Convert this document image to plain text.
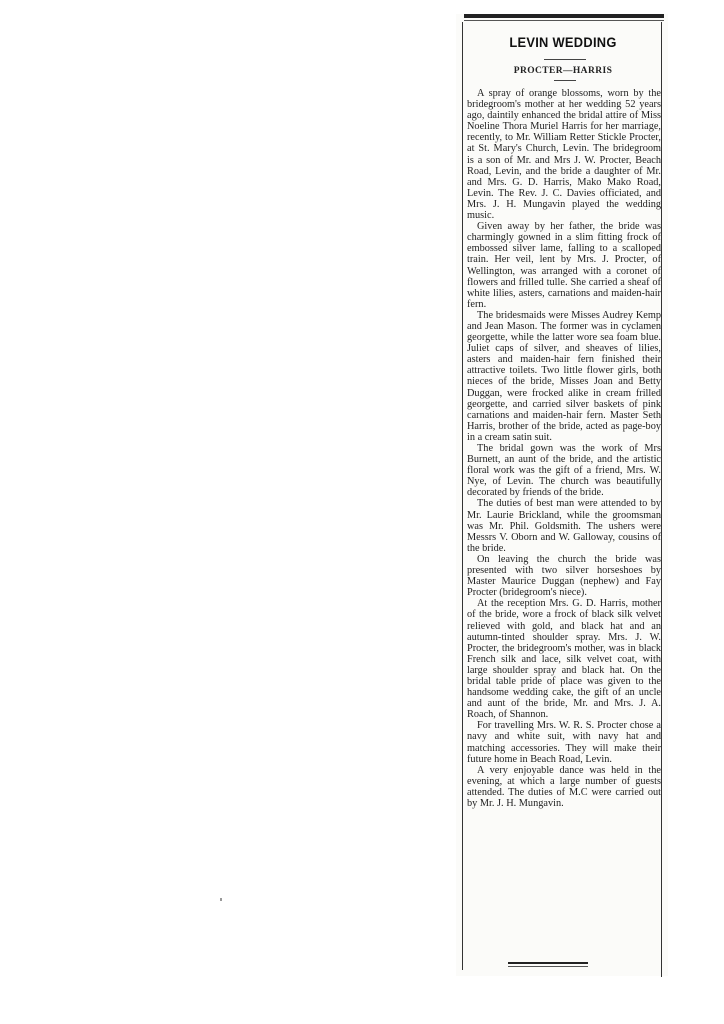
LEVIN WEDDING
PROCTER—HARRIS

A spray of orange blossoms, worn by the bridegroom's mother at her wedding 52 years ago, daintily enhanced the bridal attire of Miss Noeline Thora Muriel Harris for her marriage, recently, to Mr. William Retter Stickle Procter, at St. Mary's Church, Levin. The bridegroom is a son of Mr. and Mrs J. W. Procter, Beach Road, Levin, and the bride a daughter of Mr. and Mrs. G. D. Harris, Mako Mako Road, Levin. The Rev. J. C. Davies officiated, and Mrs. J. H. Mungavin played the wedding music.

Given away by her father, the bride was charmingly gowned in a slim fitting frock of embossed silver lame, falling to a scalloped train. Her veil, lent by Mrs. J. Procter, of Wellington, was arranged with a coronet of flowers and frilled tulle. She carried a sheaf of white lilies, asters, carnations and maiden-hair fern.

The bridesmaids were Misses Audrey Kemp and Jean Mason. The former was in cyclamen georgette, while the latter wore sea foam blue. Juliet caps of silver, and sheaves of lilies, asters and maiden-hair fern finished their attractive toilets. Two little flower girls, both nieces of the bride, Misses Joan and Betty Duggan, were frocked alike in cream frilled georgette, and carried silver baskets of pink carnations and maiden-hair fern. Master Seth Harris, brother of the bride, acted as page-boy in a cream satin suit.

The bridal gown was the work of Mrs Burnett, an aunt of the bride, and the artistic floral work was the gift of a friend, Mrs. W. Nye, of Levin. The church was beautifully decorated by friends of the bride.

The duties of best man were attended to by Mr. Laurie Brickland, while the groomsman was Mr. Phil. Goldsmith. The ushers were Messrs V. Oborn and W. Galloway, cousins of the bride.

On leaving the church the bride was presented with two silver horseshoes by Master Maurice Duggan (nephew) and Fay Procter (bridegroom's niece).

At the reception Mrs. G. D. Harris, mother of the bride, wore a frock of black silk velvet relieved with gold, and black hat and an autumn-tinted shoulder spray. Mrs. J. W. Procter, the bridegroom's mother, was in black French silk and lace, silk velvet coat, with large shoulder spray and black hat. On the bridal table pride of place was given to the handsome wedding cake, the gift of an uncle and aunt of the bride, Mr. and Mrs. J. A. Roach, of Shannon.

For travelling Mrs. W. R. S. Procter chose a navy and white suit, with navy hat and matching accessories. They will make their future home in Beach Road, Levin.

A very enjoyable dance was held in the evening, at which a large number of guests attended. The duties of M.C were carried out by Mr. J. H. Mungavin.
